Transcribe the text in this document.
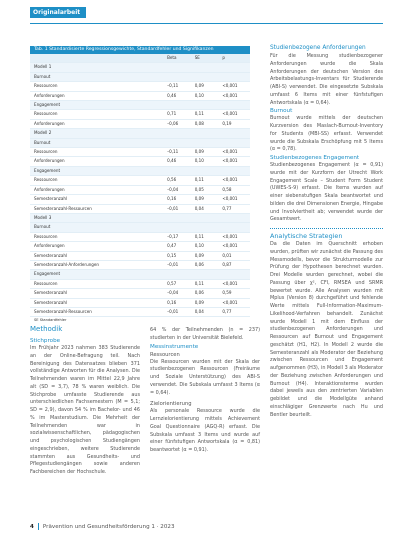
Originalarbeit
Tab. 1 Standardisierte Regressionsgewichte, Standardfehler und Signifikanzen
	Beta	SE	p
Modell 1			
Burnout			
Ressourcen	–0,11	0,09	<0,001
Anforderungen	0,46	0,10	<0,001
Engagement			
Ressourcen	0,71	0,11	<0,001
Anforderungen	–0,06	0,08	0,19
Modell 2			
Burnout			
Ressourcen	–0,11	0,09	<0,001
Anforderungen	0,46	0,10	<0,001
Engagement			
Ressourcen	0,56	0,11	<0,001
Anforderungen	–0,04	0,05	0,58
Semesteranzahl	0,16	0,09	<0,001
Semesteranzahl·Ressourcen	–0,01	0,04	0,77
Modell 3			
Burnout			
Ressourcen	–0,17	0,11	<0,001
Anforderungen	0,47	0,10	<0,001
Semesteranzahl	0,15	0,09	0,01
Semesteranzahl·Anforderungen	–0,01	0,06	0,87
Engagement			
Ressourcen	0,57	0,11	<0,001
Semesteranzahl	–0,04	0,06	0,59
Semesteranzahl	0,16	0,09	<0,001
Semesteranzahl·Ressourcen	–0,01	0,04	0,77
SE Standardfehler

Studienbezogene Anforderungen

Für die Messung studienbezogener Anforderungen wurde die Skala Anforderungen der deutschen Version des Arbeitsbelastungs-Inventars für Studierende (ABI-S) verwendet. Die eingesetzte Subskala umfasst 6 Items mit einer fünfstufigen Antwortskala (α = 0,64).

Burnout

Burnout wurde mittels der deutschen Kurzversion des Maslach-Burnout-Inventory for Students (MBI-SS) erfasst. Verwendet wurde die Subskala Erschöpfung mit 5 Items (α = 0,78).

Studienbezogenes Engagement

Studienbezogenes Engagement (α = 0,91) wurde mit der Kurzform der Utrecht Work Engagement Scale – Student Form Student (UWES-S-9) erfasst. Die Items wurden auf einer siebenstufigen Skala beantwortet und bilden die drei Dimensionen Energie, Hingabe und Involviertheit ab; verwendet wurde der Gesamtwert.

Analytische Strategien

Da die Daten im Querschnitt erhoben wurden, prüften wir zunächst die Passung des Messmodells, bevor die Strukturmodelle zur Prüfung der Hypothesen berechnet wurden. Drei Modelle wurden gerechnet, wobei die Passung über χ², CFI, RMSEA und SRMR bewertet wurde. Alle Analysen wurden mit Mplus (Version 8) durchgeführt und fehlende Werte mittels Full-Information-Maximum-Likelihood-Verfahren behandelt. Zunächst wurde Modell 1 mit dem Einfluss der studienbezogenen Anforderungen und Ressourcen auf Burnout und Engagement geschätzt (H1, H2). In Modell 2 wurde die Semesteranzahl als Moderator der Beziehung zwischen Ressourcen und Engagement aufgenommen (H3), in Modell 3 als Moderator der Beziehung zwischen Anforderungen und Burnout (H4). Interaktionsterme wurden dabei jeweils aus den zentrierten Variablen gebildet und die Modellgüte anhand einschlägiger Grenzwerte nach Hu und Bentler beurteilt.

Methodik

Stichprobe

Im Frühjahr 2023 nahmen 383 Studierende an der Online-Befragung teil. Nach Bereinigung des Datensatzes blieben 371 vollständige Antworten für die Analysen. Die Teilnehmenden waren im Mittel 22,9 Jahre alt (SD = 3,7), 78 % waren weiblich. Die Stichprobe umfasste Studierende aus unterschiedlichen Fachsemestern (M = 5,1; SD = 2,9), davon 54 % im Bachelor- und 46 % im Masterstudium. Die Mehrheit der Teilnehmenden war in sozialwissenschaftlichen, pädagogischen und psychologischen Studiengängen eingeschrieben, weitere Studierende stammten aus Gesundheits- und Pflegestudiengängen sowie anderen Fachbereichen der Hochschule.

64 % der Teilnehmenden (n = 237) studierten in der Universität Bielefeld.

Messinstrumente

Ressourcen

Die Ressourcen wurden mit der Skala der studienbezogenen Ressourcen (Freiräume und Soziale Unterstützung) des ABI-S verwendet. Die Subskala umfasst 3 Items (α = 0,64).

Zielorientierung

Als personale Ressource wurde die Lernzielorientierung mittels Achievement Goal Questionnaire (AGQ-R) erfasst. Die Subskala umfasst 3 Items und wurde auf einer fünfstufigen Antwortskala (α = 0,81) beantwortet (α = 0,91).

4 Prävention und Gesundheitsförderung 1 · 2023
